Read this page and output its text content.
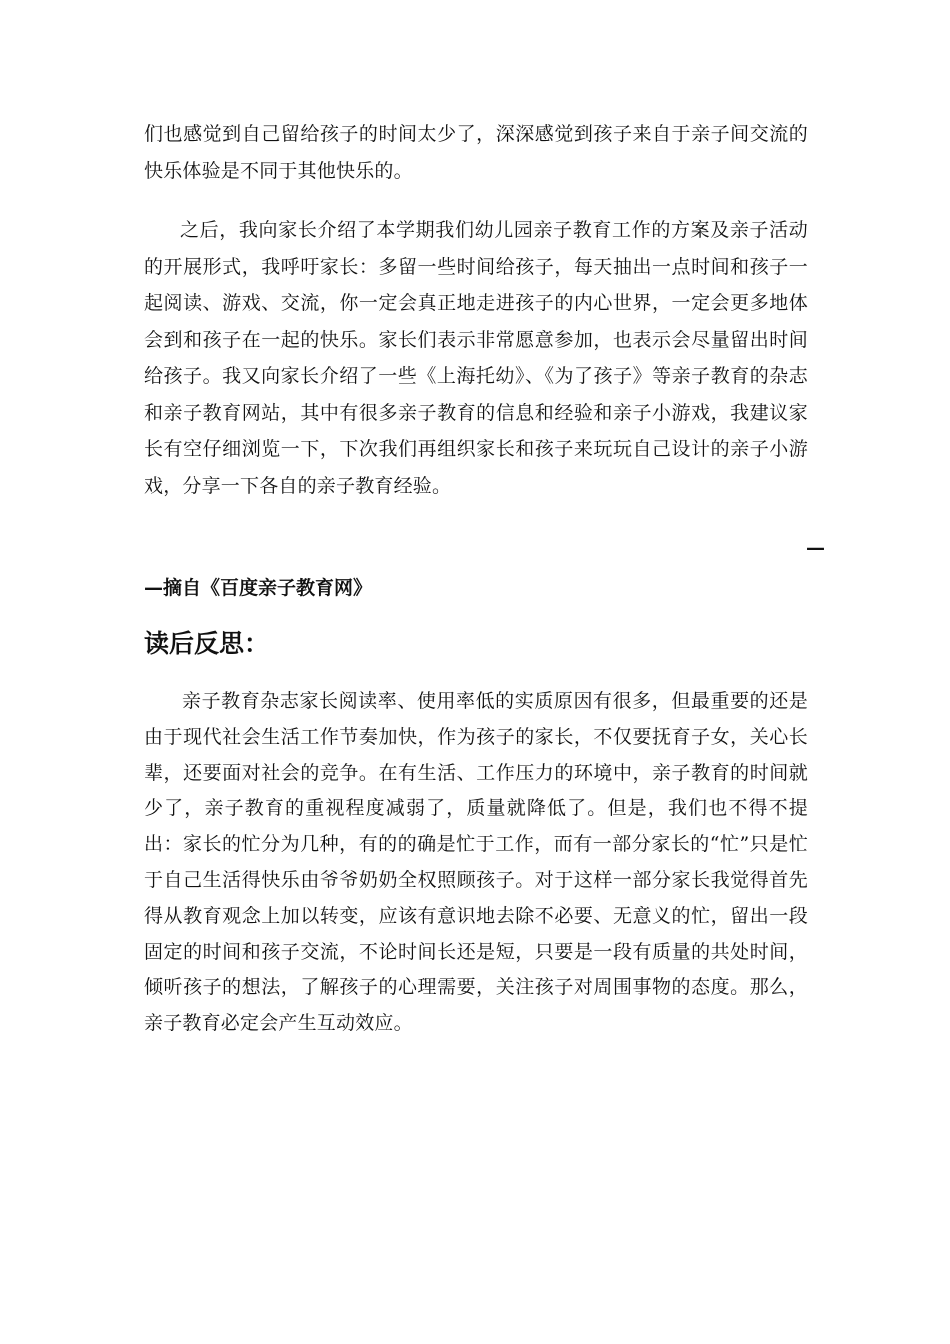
们也感觉到自己留给孩子的时间太少了，深深感觉到孩子来自于亲子间交流的快乐体验是不同于其他快乐的。

之后，我向家长介绍了本学期我们幼儿园亲子教育工作的方案及亲子活动的开展形式，我呼吁家长：多留一些时间给孩子，每天抽出一点时间和孩子一起阅读、游戏、交流，你一定会真正地走进孩子的内心世界，一定会更多地体会到和孩子在一起的快乐。家长们表示非常愿意参加，也表示会尽量留出时间给孩子。我又向家长介绍了一些《上海托幼》、《为了孩子》等亲子教育的杂志和亲子教育网站，其中有很多亲子教育的信息和经验和亲子小游戏，我建议家长有空仔细浏览一下，下次我们再组织家长和孩子来玩玩自己设计的亲子小游戏，分享一下各自的亲子教育经验。

—
—摘自《百度亲子教育网》
读后反思：

亲子教育杂志家长阅读率、使用率低的实质原因有很多，但最重要的还是由于现代社会生活工作节奏加快，作为孩子的家长，不仅要抚育子女，关心长辈，还要面对社会的竞争。在有生活、工作压力的环境中，亲子教育的时间就少了，亲子教育的重视程度减弱了，质量就降低了。但是，我们也不得不提出：家长的忙分为几种，有的的确是忙于工作，而有一部分家长的“忙”只是忙于自己生活得快乐由爷爷奶奶全权照顾孩子。对于这样一部分家长我觉得首先得从教育观念上加以转变，应该有意识地去除不必要、无意义的忙，留出一段固定的时间和孩子交流，不论时间长还是短，只要是一段有质量的共处时间，倾听孩子的想法，了解孩子的心理需要，关注孩子对周围事物的态度。那么，亲子教育必定会产生互动效应。
